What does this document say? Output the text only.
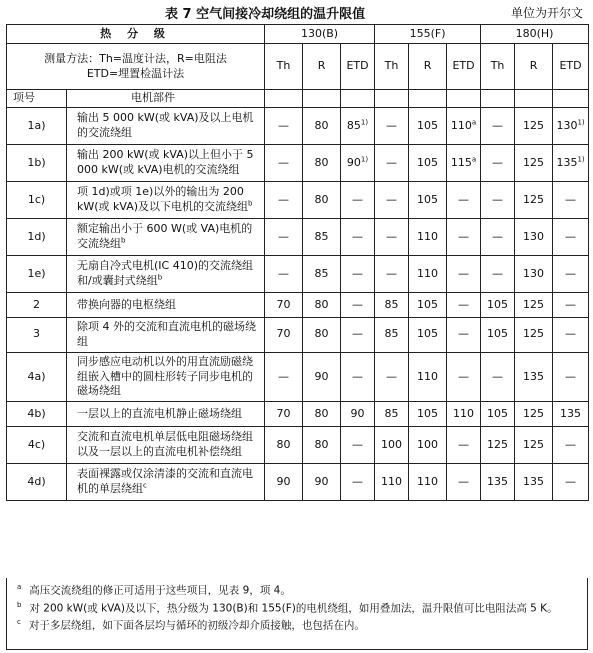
表 7 空气间接冷却绕组的温升限值	单位为开尔文
热 分 级		130(B)			155(F)			180(H)		

测量方法：Th=温度计法，R=电阻法
ETD=埋置检温计法		Th	R	ETD	Th	R	ETD	Th	R	ETD
项号	电机部件									
1a)	输出 5 000 kW(或 kVA)及以上电机的交流绕组	—	80	85$^{1)}$	—	105	110$^a$	—	125	130$^{1)}$
1b)	输出 200 kW(或 kVA)以上但小于 5 000 kW(或 kVA)电机的交流绕组	—	80	90$^{1)}$	—	105	115$^a$	—	125	135$^{1)}$
1c)	项 1d)或项 1e)以外的输出为 200 kW(或 kVA)及以下电机的交流绕组$^b$	—	80	—	—	105	—	—	125	—
1d)	额定输出小于 600 W(或 VA)电机的交流绕组$^b$	—	85	—	—	110	—	—	130	—
1e)	无扇自冷式电机(IC 410)的交流绕组和/或囊封式绕组$^b$	—	85	—	—	110	—	—	130	—
2	带换向器的电枢绕组	70	80	—	85	105	—	105	125	—
3	除项 4 外的交流和直流电机的磁场绕组	70	80	—	85	105	—	105	125	—
4a)	同步感应电动机以外的用直流励磁绕组嵌入槽中的圆柱形转子同步电机的磁场绕组	—	90	—	—	110	—	—	135	—
4b)	一层以上的直流电机静止磁场绕组	70	80	90	85	105	110	105	125	135
4c)	交流和直流电机单层低电阻磁场绕组以及一层以上的直流电机补偿绕组	80	80	—	100	100	—	125	125	—
4d)	表面裸露或仅涂清漆的交流和直流电机的单层绕组$^c$	90	90	—	110	110	—	135	135	—
$^a$ 高压交流绕组的修正可适用于这些项目，见表 9，项 4。
$^b$ 对 200 kW(或 kVA)及以下，热分级为 130(B)和 155(F)的电机绕组，如用叠加法，温升限值可比电阻法高 5 K。
$^c$ 对于多层绕组，如下面各层均与循环的初级冷却介质接触，也包括在内。
